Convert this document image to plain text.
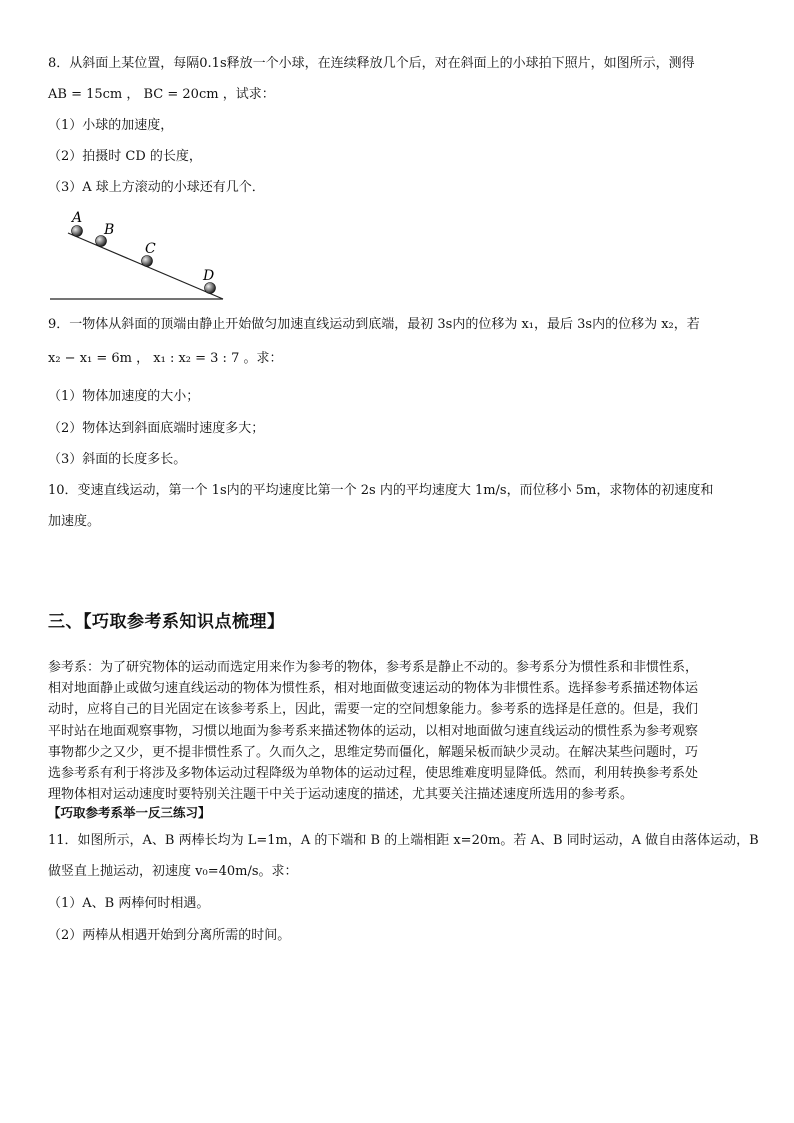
8．从斜面上某位置，每隔0.1s释放一个小球，在连续释放几个后，对在斜面上的小球拍下照片，如图所示，测得
AB = 15cm ， BC = 20cm ，试求：
（1）小球的加速度，
（2）拍摄时 CD 的长度，
（3）A 球上方滚动的小球还有几个．
A
B
C
D
9．一物体从斜面的顶端由静止开始做匀加速直线运动到底端，最初 3s内的位移为 x₁，最后 3s内的位移为 x₂，若
x₂ − x₁ = 6m ， x₁ : x₂ = 3 : 7 。求：
（1）物体加速度的大小；
（2）物体达到斜面底端时速度多大；
（3）斜面的长度多长。
10．变速直线运动，第一个 1s内的平均速度比第一个 2s 内的平均速度大 1m/s，而位移小 5m，求物体的初速度和
加速度。
三、【巧取参考系知识点梳理】
参考系：为了研究物体的运动而选定用来作为参考的物体，参考系是静止不动的。参考系分为惯性系和非惯性系，
相对地面静止或做匀速直线运动的物体为惯性系，相对地面做变速运动的物体为非惯性系。选择参考系描述物体运
动时，应将自己的目光固定在该参考系上，因此，需要一定的空间想象能力。参考系的选择是任意的。但是，我们
平时站在地面观察事物，习惯以地面为参考系来描述物体的运动，以相对地面做匀速直线运动的惯性系为参考观察
事物都少之又少，更不提非惯性系了。久而久之，思维定势而僵化，解题呆板而缺少灵动。在解决某些问题时，巧
选参考系有利于将涉及多物体运动过程降级为单物体的运动过程，使思维难度明显降低。然而，利用转换参考系处
理物体相对运动速度时要特别关注题干中关于运动速度的描述，尤其要关注描述速度所选用的参考系。
【巧取参考系举一反三练习】
11．如图所示，A、B 两棒长均为 L=1m，A 的下端和 B 的上端相距 x=20m。若 A、B 同时运动，A 做自由落体运动，B
做竖直上抛运动，初速度 v₀=40m/s。求：
（1）A、B 两棒何时相遇。
（2）两棒从相遇开始到分离所需的时间。
